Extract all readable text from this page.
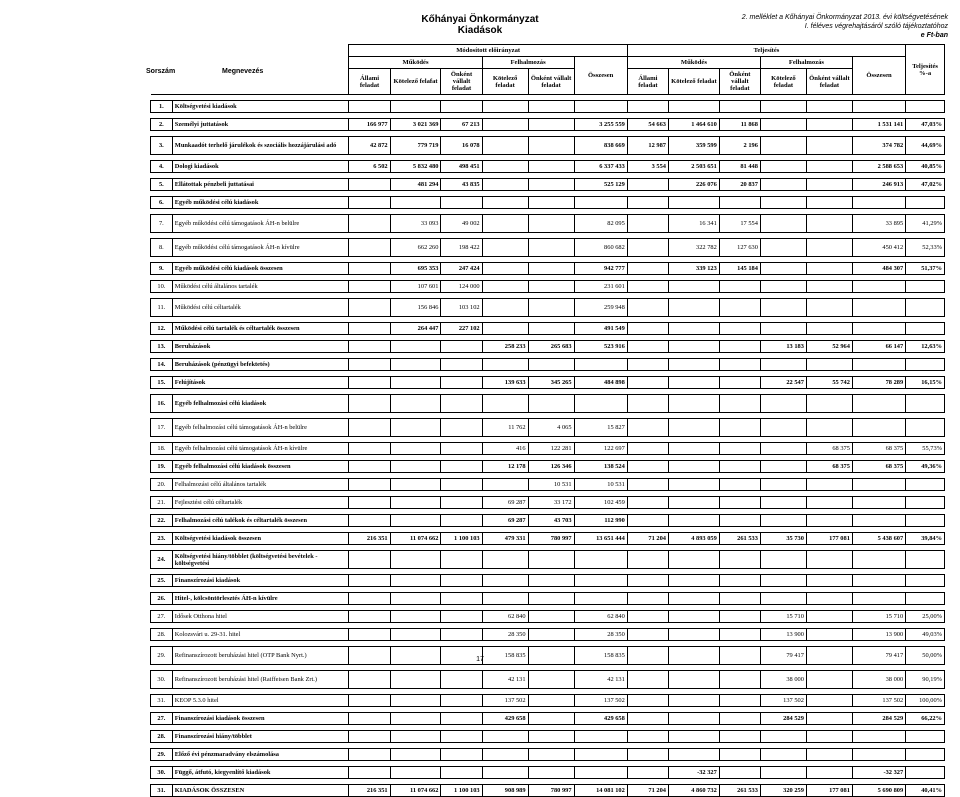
Kőhányai Önkormányzat
Kiadások
2. melléklet a Kőhányai Önkormányzat 2013. évi költségvetésének
I. féléves végrehajtásáról szóló tájékoztatóhoz
e Ft-ban
Sorszám	Megnevezés
		Módosított előirányzat						Teljesítés						Teljesítés %-a
		Működés			Felhalmozás		Összesen	Működés			Felhalmozás		Összesen	
		Állami feladat	Kötelező felafat	Önként vállalt feladat	Kötelező feladat	Önként vállalt feladat		Állami feladat	Kötelező feladat	Önként vállalt feladat	Kötelező feladat	Önként vállalt feladat		

1.	Költségvetési kiadások													

2.	Személyi juttatások	166 977	3 021 369	67 213			3 255 559	54 663	1 464 610	11 868			1 531 141	47,03%

3.	Munkaadót terhelő járulékok és szociális hozzájárulási adó	42 872	779 719	16 078			838 669	12 987	359 599	2 196			374 782	44,69%

4.	Dologi kiadások	6 502	5 832 480	498 451			6 337 433	3 554	2 503 651	81 448			2 588 653	40,85%

5.	Ellátottak pénzbeli juttatásai		481 294	43 835			525 129		226 076	20 837			246 913	47,02%

6.	Egyéb működési célú kiadások													

7.	Egyéb működési célú támogatások ÁH-n belülre		33 093	49 002			82 095		16 341	17 554			33 895	41,29%

8.	Egyéb működési célú támogatások ÁH-n kívülre		662 260	198 422			860 682		322 782	127 630			450 412	52,33%

9.	Egyéb működési célú kiadások összesen		695 353	247 424			942 777		339 123	145 184			484 307	51,37%

10.	Működési célú általános tartalék		107 601	124 000			231 601							

11.	Működési célú céltartalék		156 846	103 102			259 948							

12.	Működési célú tartalék és céltartalék összesen		264 447	227 102			491 549							

13.	Beruházások				258 233	265 683	523 916				13 183	52 964	66 147	12,63%

14.	Beruházások (pénzügyi befektetés)													

15.	Felújítások				139 633	345 265	484 898				22 547	55 742	78 289	16,15%

16.	Egyéb felhalmozási célú kiadások													

17.	Egyéb felhalmozási célú támogatások ÁH-n belülre				11 762	4 065	15 827							

18.	Egyéb felhalmozási célú támogatások ÁH-n kívülre				416	122 281	122 697					68 375	68 375	55,73%

19.	Egyéb felhalmozási célú kiadások összesen				12 178	126 346	138 524					68 375	68 375	49,36%

20.	Felhalmozási célú általános tartalék					10 531	10 531							

21.	Fejlesztési célú céltartalék				69 287	33 172	102 459							

22.	Felhalmozási célú talékok és céltartalék összesen				69 287	43 703	112 990							

23.	Költségvetési kiadások összesen	216 351	11 074 662	1 100 103	479 331	780 997	13 651 444	71 204	4 893 059	261 533	35 730	177 081	5 438 607	39,84%

24.	Költségvetési hiány/többlet (költségvetési bevételek - költségvetési													

25.	Finanszírozási kiadások													

26.	Hitel-, kölcsöntörlesztés ÁH-n kívülre													

27.	Idősek Otthona hitel				62 840		62 840				15 710		15 710	25,00%

28.	Kolozsvári u. 29-31. hitel				28 350		28 350				13 900		13 900	49,03%

29.	Refinanszírozott beruházási hitel (OTP Bank Nyrt.)				158 835		158 835				79 417		79 417	50,00%

30.	Refinanszírozott beruházási hitel (Raiffeisen Bank Zrt.)				42 131		42 131				38 000		38 000	90,19%

31.	KEOP 5.3.0 hitel				137 502		137 502				137 502		137 502	100,00%

27.	Finanszírozási kiadások összesen				429 658		429 658				284 529		284 529	66,22%

28.	Finanszírozási hiány/többlet													

29.	Előző évi pénzmaradvány elszámolása													

30.	Függő, átfutó, kiegyenlítő kiadások								-32 327				-32 327	

31.	KIADÁSOK ÖSSZESEN	216 351	11 074 662	1 100 103	908 989	780 997	14 081 102	71 204	4 860 732	261 533	320 259	177 081	5 690 809	40,41%
17
